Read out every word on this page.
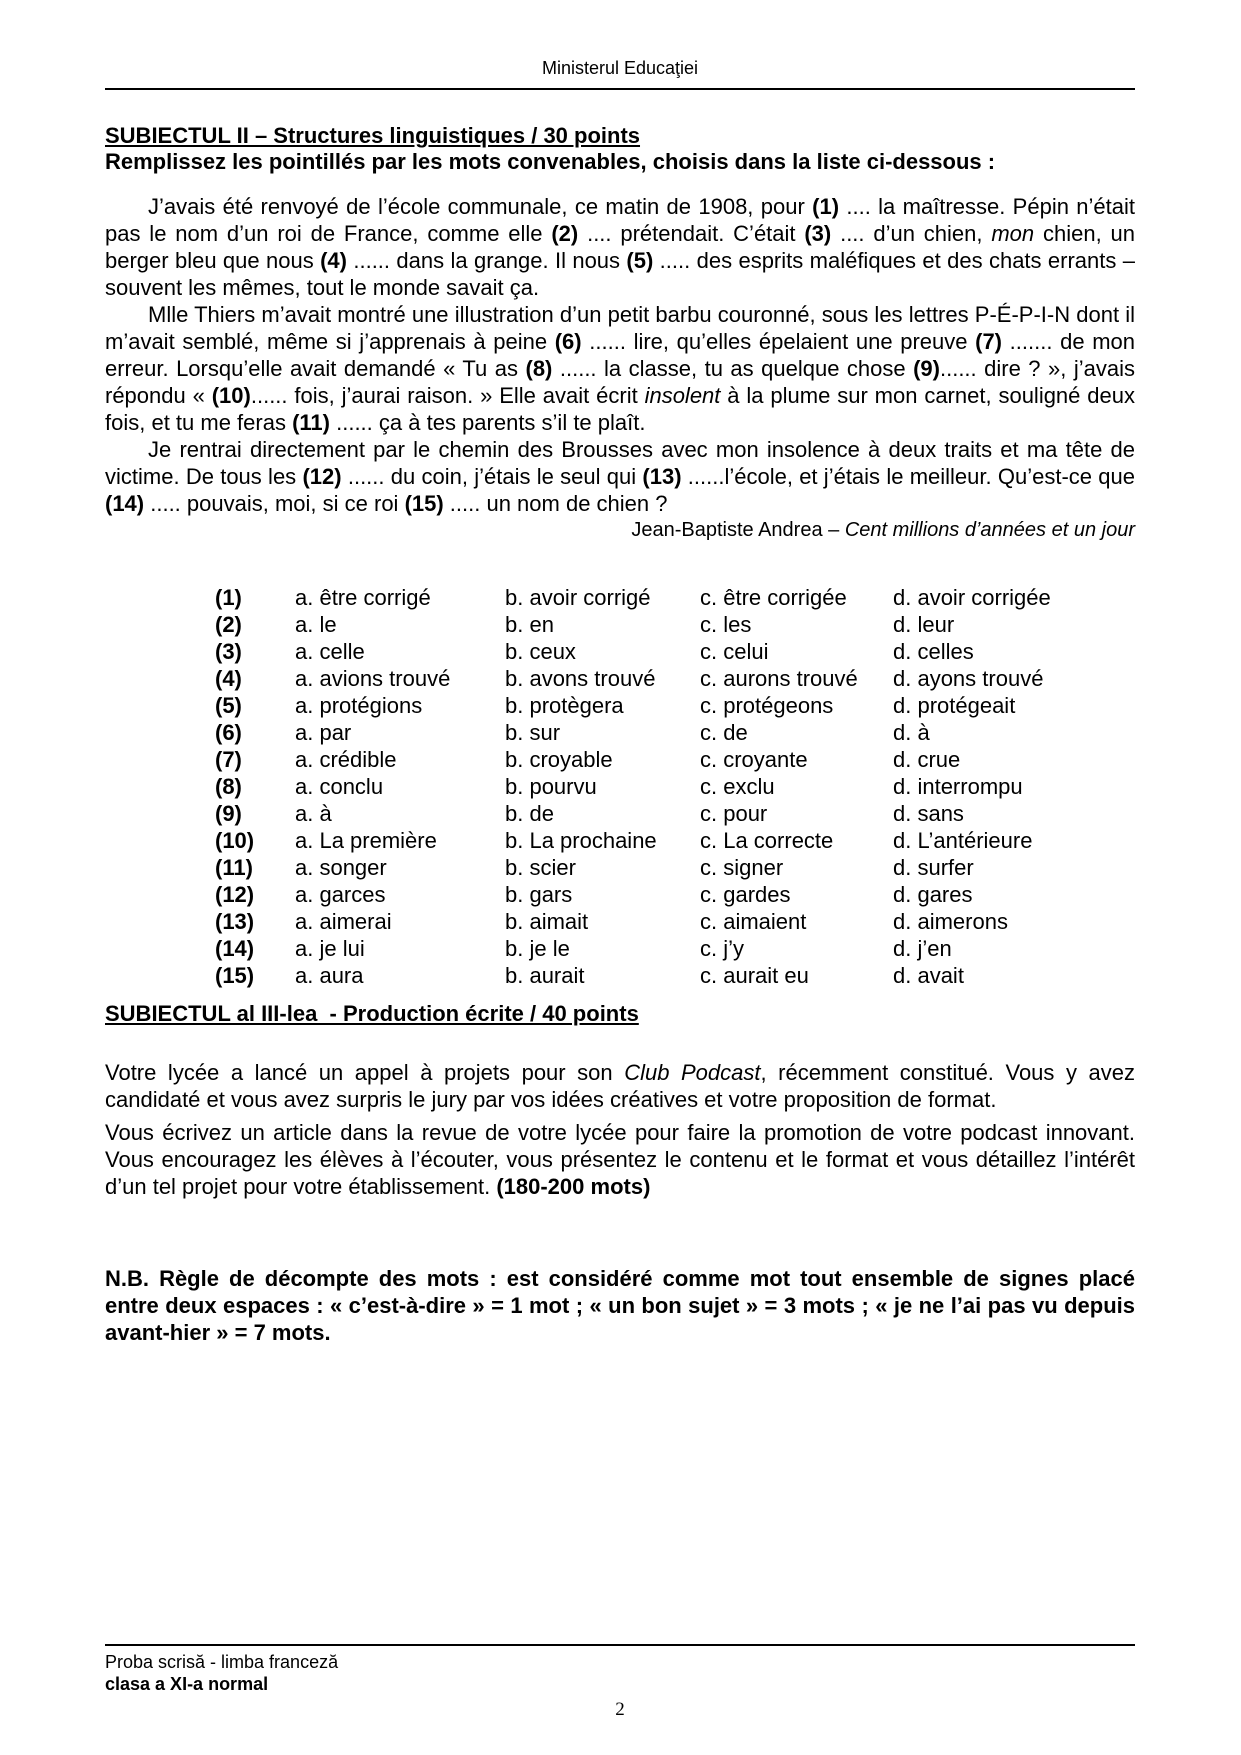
Ministerul Educaţiei
SUBIECTUL II – Structures linguistiques / 30 points
Remplissez les pointillés par les mots convenables, choisis dans la liste ci-dessous :

J’avais été renvoyé de l’école communale, ce matin de 1908, pour (1) .... la maîtresse. Pépin n’était pas le nom d’un roi de France, comme elle (2) .... prétendait. C’était (3) .... d’un chien, mon chien, un berger bleu que nous (4) ...... dans la grange. Il nous (5) ..... des esprits maléfiques et des chats errants – souvent les mêmes, tout le monde savait ça.

Mlle Thiers m’avait montré une illustration d’un petit barbu couronné, sous les lettres P-É-P-I-N dont il m’avait semblé, même si j’apprenais à peine (6) ...... lire, qu’elles épelaient une preuve (7) ....... de mon erreur. Lorsqu’elle avait demandé « Tu as (8) ...... la classe, tu as quelque chose (9)...... dire ? », j’avais répondu « (10)...... fois, j’aurai raison. » Elle avait écrit insolent à la plume sur mon carnet, souligné deux fois, et tu me feras (11) ...... ça à tes parents s’il te plaît.

Je rentrai directement par le chemin des Brousses avec mon insolence à deux traits et ma tête de victime. De tous les (12) ...... du coin, j’étais le seul qui (13) ......l’école, et j’étais le meilleur. Qu’est-ce que (14) ..... pouvais, moi, si ce roi (15) ..... un nom de chien ?

Jean-Baptiste Andrea – Cent millions d’années et un jour
(1)	a. être corrigé	b. avoir corrigé	c. être corrigée	d. avoir corrigée
(2)	a. le	b. en	c. les	d. leur
(3)	a. celle	b. ceux	c. celui	d. celles
(4)	a. avions trouvé	b. avons trouvé	c. aurons trouvé	d. ayons trouvé
(5)	a. protégions	b. protègera	c. protégeons	d. protégeait
(6)	a. par	b. sur	c. de	d. à
(7)	a. crédible	b. croyable	c. croyante	d. crue
(8)	a. conclu	b. pourvu	c. exclu	d. interrompu
(9)	a. à	b. de	c. pour	d. sans
(10)	a. La première	b. La prochaine	c. La correcte	d. L’antérieure
(11)	a. songer	b. scier	c. signer	d. surfer
(12)	a. garces	b. gars	c. gardes	d. gares
(13)	a. aimerai	b. aimait	c. aimaient	d. aimerons
(14)	a. je lui	b. je le	c. j’y	d. j’en
(15)	a. aura	b. aurait	c. aurait eu	d. avait
SUBIECTUL al III-lea  - Production écrite / 40 points

Votre lycée a lancé un appel à projets pour son Club Podcast, récemment constitué. Vous y avez candidaté et vous avez surpris le jury par vos idées créatives et votre proposition de format.

Vous écrivez un article dans la revue de votre lycée pour faire la promotion de votre podcast innovant. Vous encouragez les élèves à l’écouter, vous présentez le contenu et le format et vous détaillez l’intérêt d’un tel projet pour votre établissement. (180-200 mots)

N.B. Règle de décompte des mots : est considéré comme mot tout ensemble de signes placé entre deux espaces : « c’est-à-dire » = 1 mot ; « un bon sujet » = 3 mots ; « je ne l’ai pas vu depuis avant-hier » = 7 mots.

Proba scrisă - limba franceză
clasa a XI-a normal
2
